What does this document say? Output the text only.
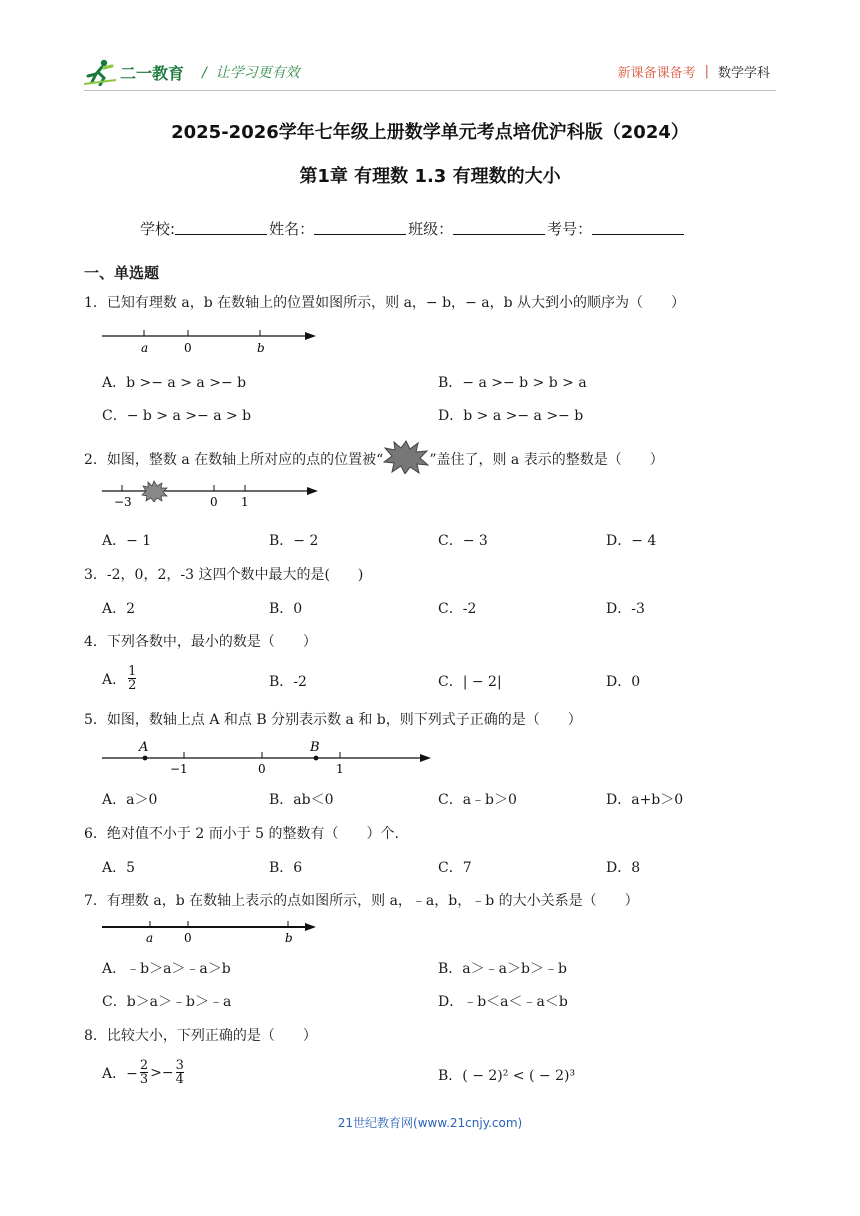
二一教育 /  让学习更有效	新课备课备考 | 数学学科
2025-2026学年七年级上册数学单元考点培优沪科版（2024）
第1章 有理数 1.3 有理数的大小
学校:	姓名：	班级：	考号：
一、单选题
1．已知有理数 a，b 在数轴上的位置如图所示，则 a，− b，− a，b 从大到小的顺序为（　　）
a	0	b
A．b >− a > a >− b	B．− a >− b > b > a
C．− b > a >− a > b	D．b > a >− a >− b
2．如图，整数 a 在数轴上所对应的点的位置被“	”盖住了，则 a 表示的整数是（　　）
−3	0 1
A．− 1	B．− 2	C．− 3	D．− 4
3．-2，0，2，-3 这四个数中最大的是(　　)
A．2	B．0	C．-2	D．-3
4．下列各数中，最小的数是（　　）
A． $\frac{1}{2}$	B．-2	C．| − 2|	D．0
5．如图，数轴上点 A 和点 B 分别表示数 a 和 b，则下列式子正确的是（　　）
A
−1	0
B
1
A．a＞0	B．ab＜0	C．a﹣b＞0	D．a+b＞0
6．绝对值不小于 2 而小于 5 的整数有（　　）个.
A．5	B．6	C．7	D．8
7．有理数 a，b 在数轴上表示的点如图所示，则 a，﹣a，b，﹣b 的大小关系是（　　）
a	0	b
A．﹣b＞a＞﹣a＞b	B．a＞﹣a＞b＞﹣b
C．b＞a＞﹣b＞﹣a	D．﹣b＜a＜﹣a＜b
8．比较大小，下列正确的是（　　）
A．− $\frac{2}{3} >- \frac{3}{4}$	B．( − 2)² < ( − 2)³
21世纪教育网(www.21cnjy.com)
